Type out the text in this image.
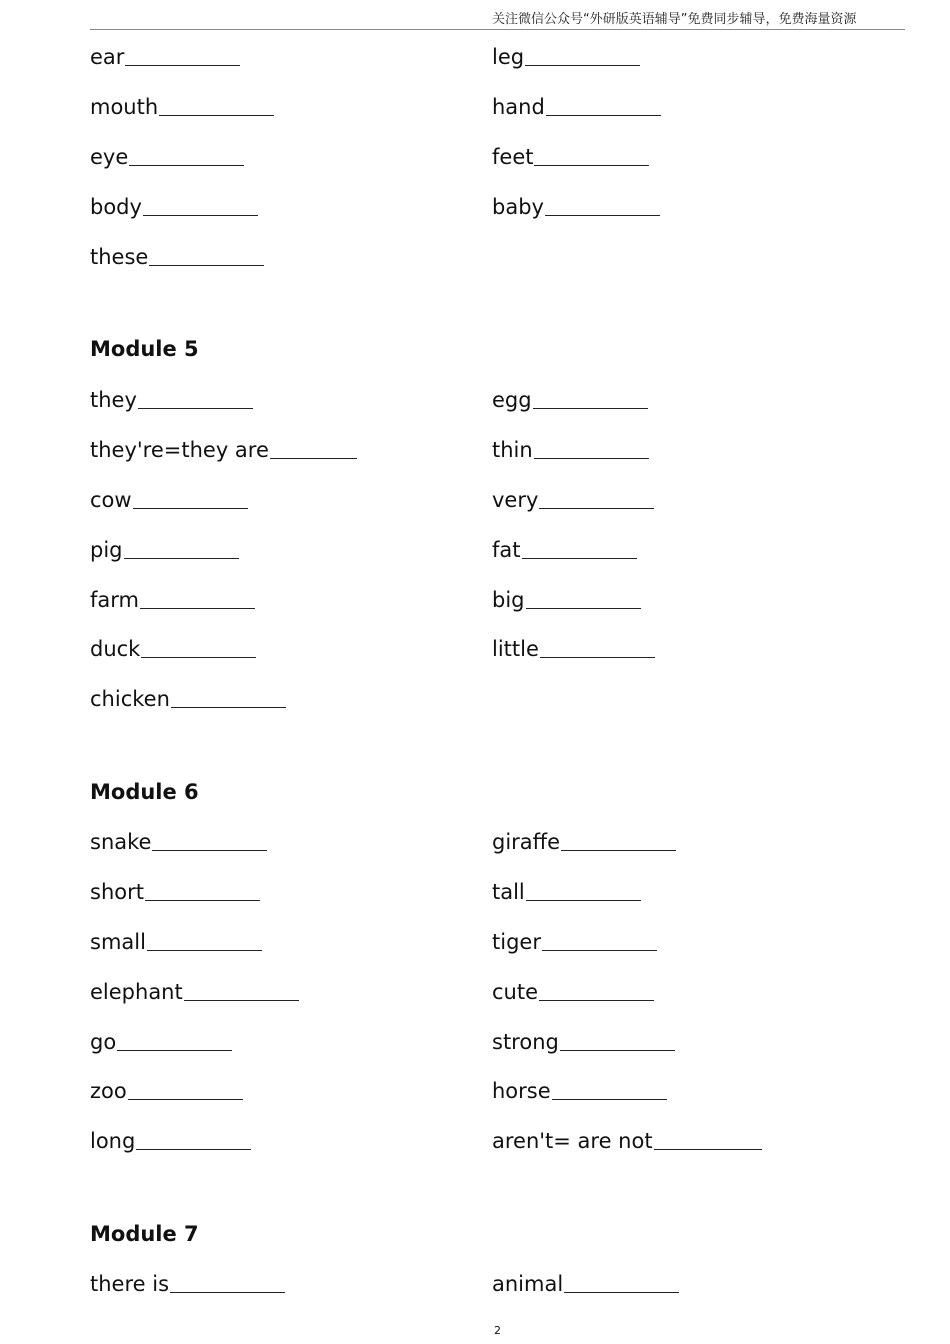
关注微信公众号“外研版英语辅导”免费同步辅导，免费海量资源
ear
mouth
eye
body
these
leg
hand
feet
baby
Module 5
they
they're=they are
cow
pig
farm
duck
chicken
egg
thin
very
fat
big
little
Module 6
snake
short
small
elephant
go
zoo
long
giraffe
tall
tiger
cute
strong
horse
aren't= are not
Module 7
there is	animal
2
